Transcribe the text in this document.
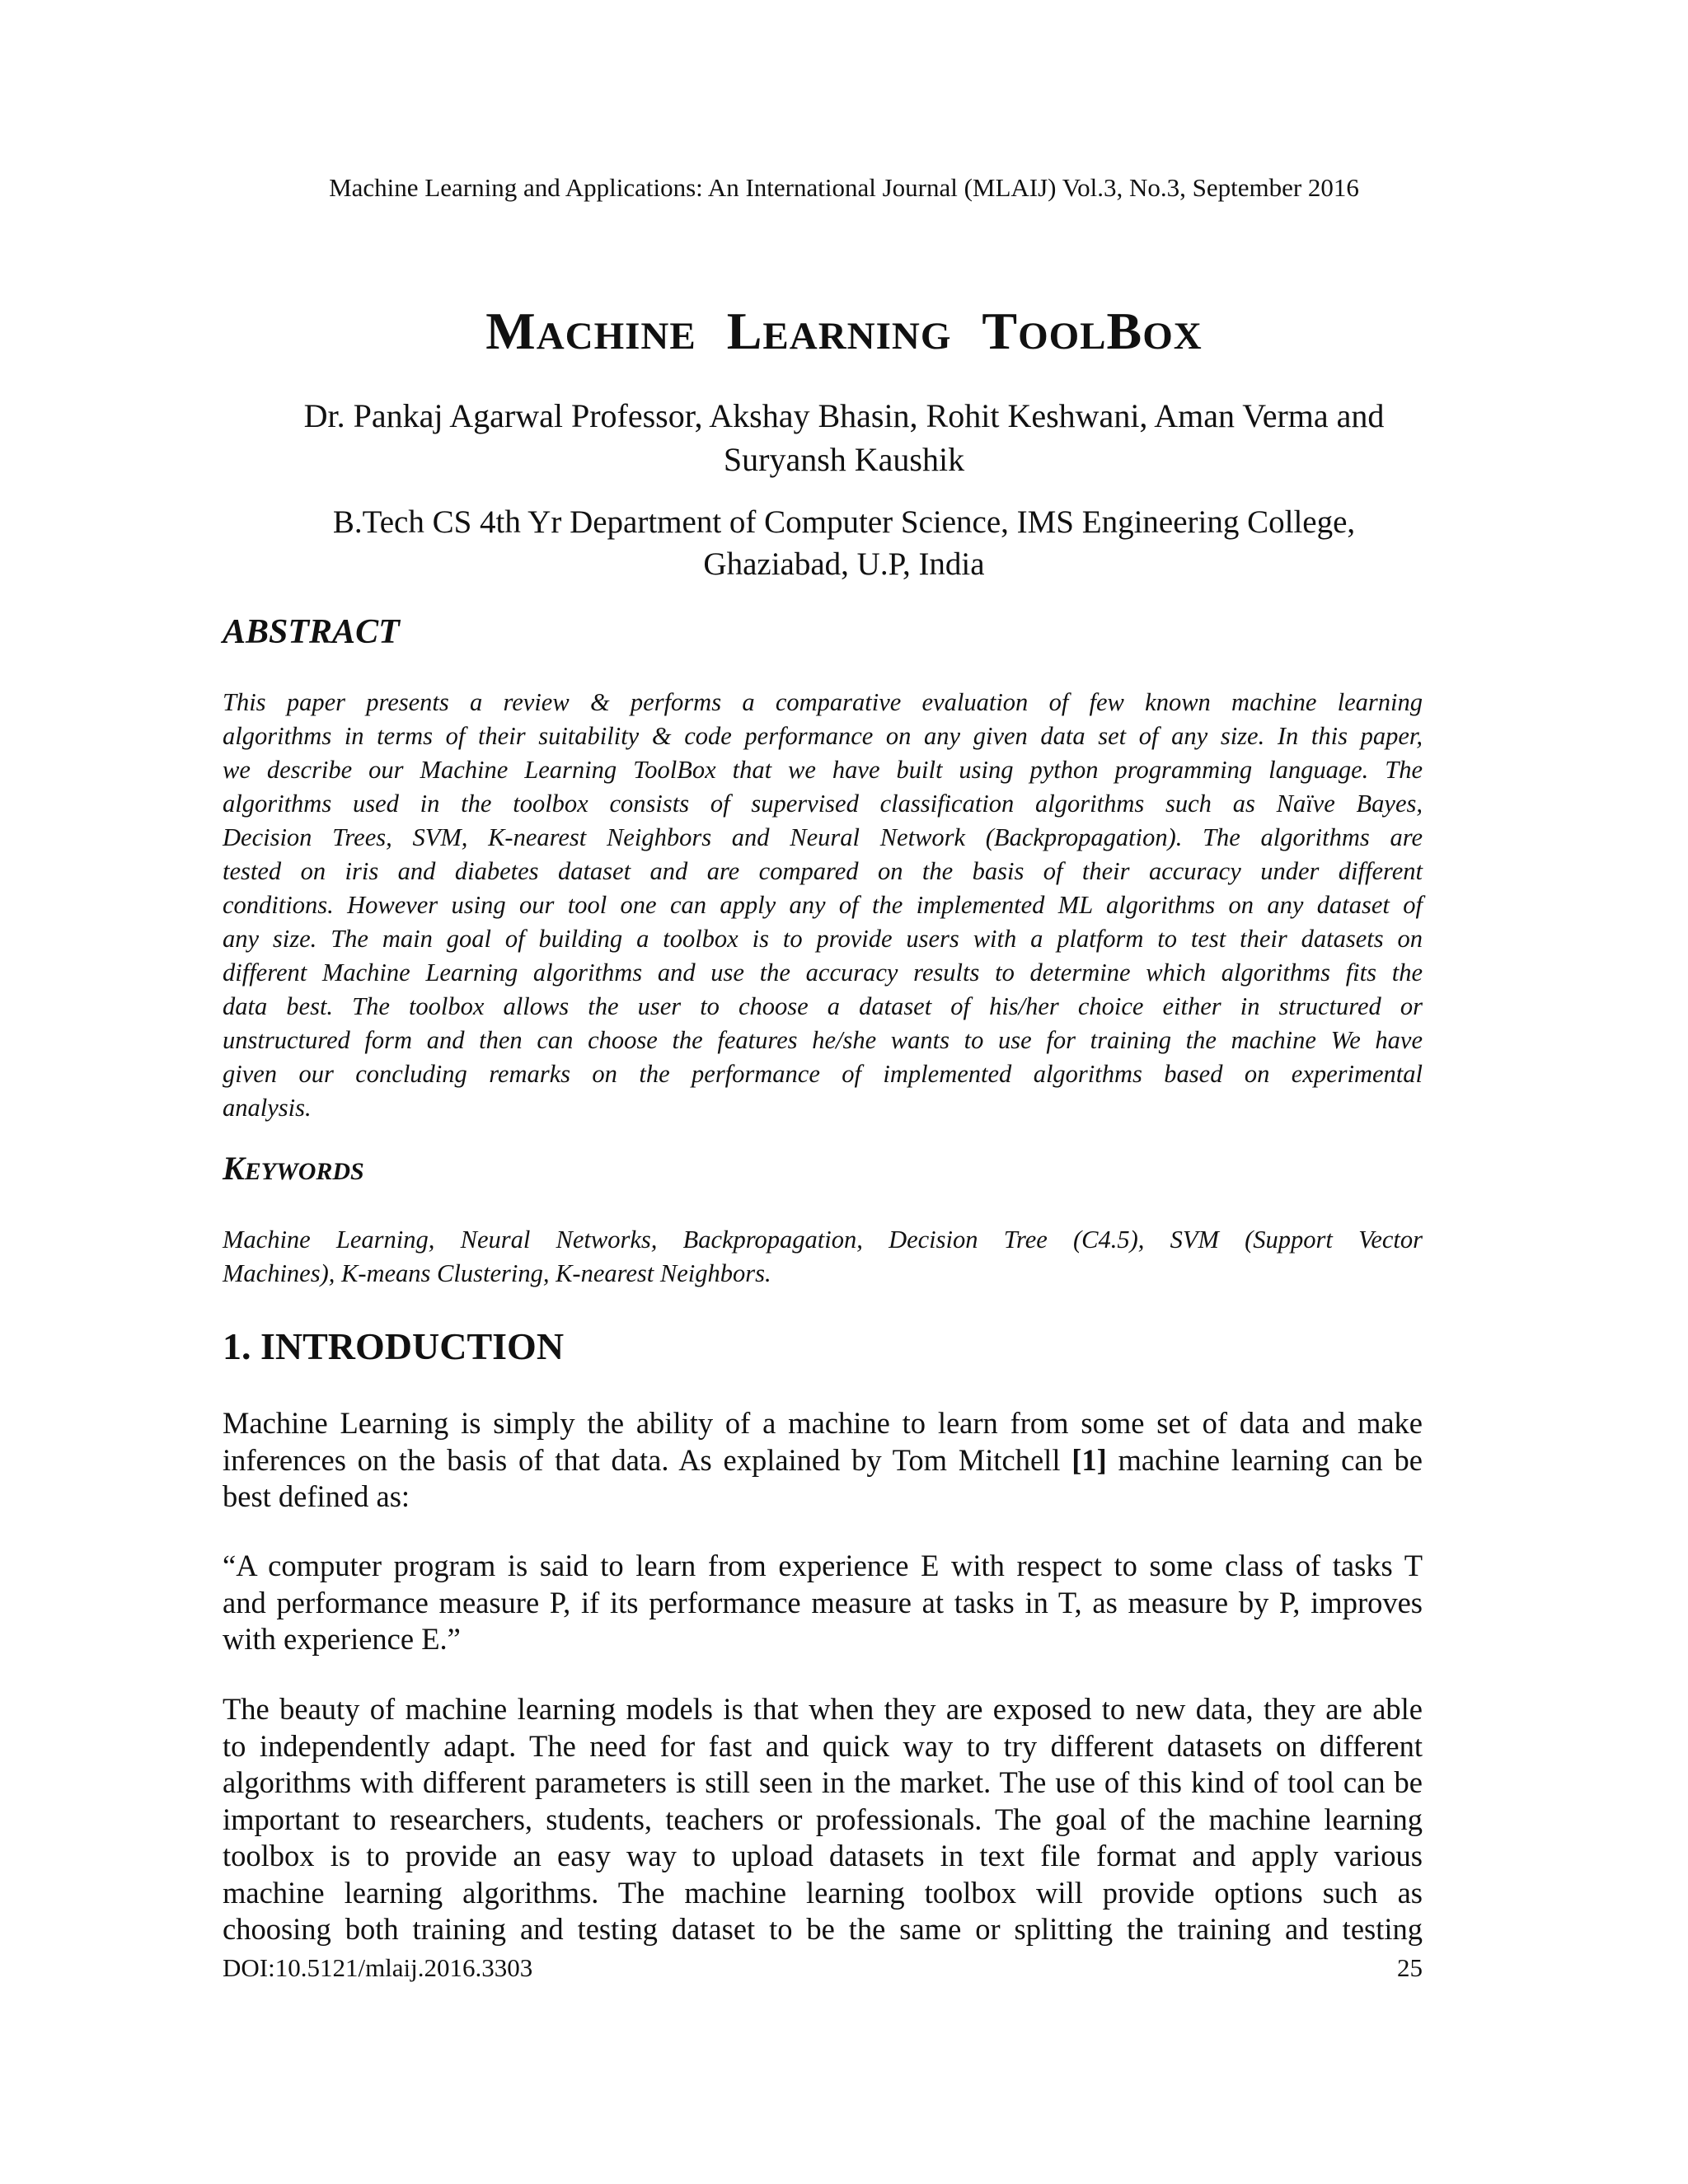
Machine Learning and Applications: An International Journal (MLAIJ) Vol.3, No.3, September 2016
MACHINE LEARNING TOOLBOX
Dr. Pankaj Agarwal Professor, Akshay Bhasin, Rohit Keshwani, Aman Verma and
Suryansh Kaushik
B.Tech CS 4th Yr Department of Computer Science, IMS Engineering College,
Ghaziabad, U.P, India
ABSTRACT
This paper presents a review & performs a comparative evaluation of few known machine learning
algorithms in terms of their suitability & code performance on any given data set of any size. In this paper,
we describe our Machine Learning ToolBox that we have built using python programming language. The
algorithms used in the toolbox consists of supervised classification algorithms such as Naïve Bayes,
Decision Trees, SVM, K-nearest Neighbors and Neural Network (Backpropagation). The algorithms are
tested on iris and diabetes dataset and are compared on the basis of their accuracy under different
conditions. However using our tool one can apply any of the implemented ML algorithms on any dataset of
any size. The main goal of building a toolbox is to provide users with a platform to test their datasets on
different Machine Learning algorithms and use the accuracy results to determine which algorithms fits the
data best. The toolbox allows the user to choose a dataset of his/her choice either in structured or
unstructured form and then can choose the features he/she wants to use for training the machine We have
given our concluding remarks on the performance of implemented algorithms based on experimental
analysis.
KEYWORDS
Machine Learning, Neural Networks, Backpropagation, Decision Tree (C4.5), SVM (Support Vector
Machines), K-means Clustering, K-nearest Neighbors.
1. INTRODUCTION
Machine Learning is simply the ability of a machine to learn from some set of data and make
inferences on the basis of that data. As explained by Tom Mitchell [1] machine learning can be
best defined as:
“A computer program is said to learn from experience E with respect to some class of tasks T
and performance measure P, if its performance measure at tasks in T, as measure by P, improves
with experience E.”
The beauty of machine learning models is that when they are exposed to new data, they are able
to independently adapt. The need for fast and quick way to try different datasets on different
algorithms with different parameters is still seen in the market. The use of this kind of tool can be
important to researchers, students, teachers or professionals. The goal of the machine learning
toolbox is to provide an easy way to upload datasets in text file format and apply various
machine learning algorithms. The machine learning toolbox will provide options such as
choosing both training and testing dataset to be the same or splitting the training and testing
DOI:10.5121/mlaij.2016.3303	25
